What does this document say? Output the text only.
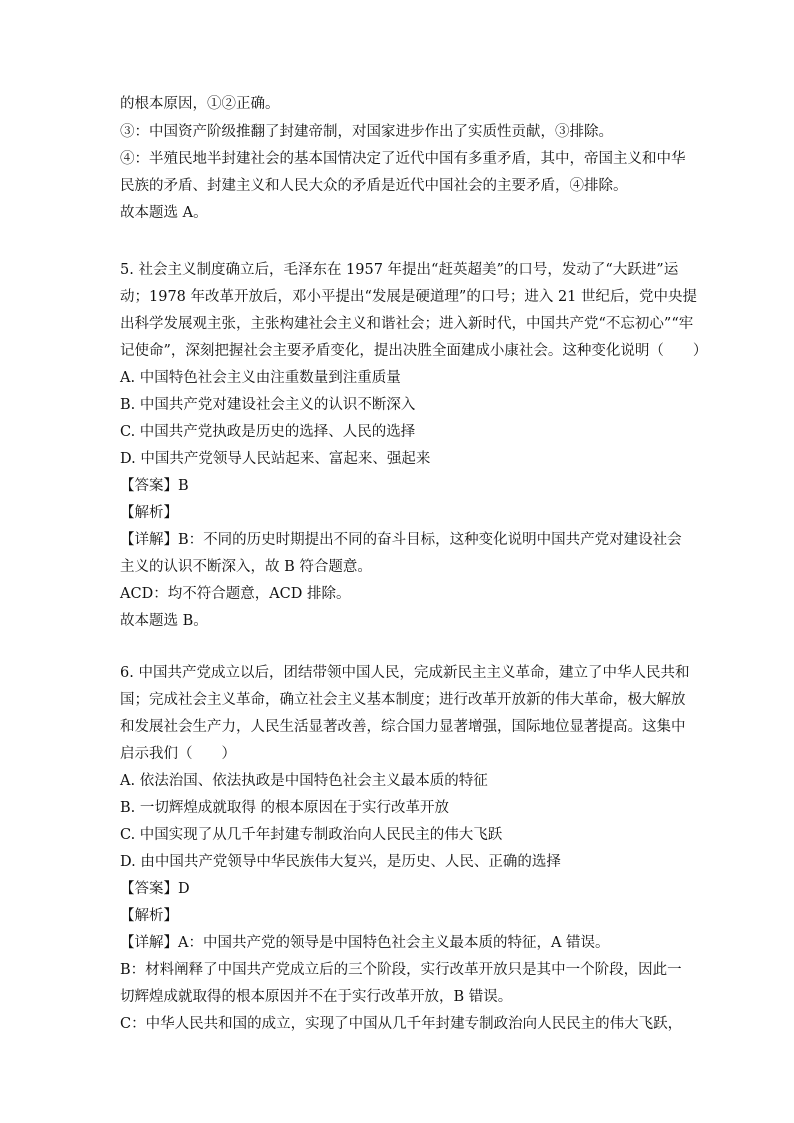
的根本原因，①②正确。
③：中国资产阶级推翻了封建帝制，对国家进步作出了实质性贡献，③排除。
④：半殖民地半封建社会的基本国情决定了近代中国有多重矛盾，其中，帝国主义和中华
民族的矛盾、封建主义和人民大众的矛盾是近代中国社会的主要矛盾，④排除。
故本题选 A。
5. 社会主义制度确立后，毛泽东在 1957 年提出“赶英超美”的口号，发动了“大跃进”运
动；1978 年改革开放后，邓小平提出“发展是硬道理”的口号；进入 21 世纪后，党中央提
出科学发展观主张，主张构建社会主义和谐社会；进入新时代，中国共产党“不忘初心”“牢
记使命”，深刻把握社会主要矛盾变化，提出决胜全面建成小康社会。这种变化说明（　　）
A. 中国特色社会主义由注重数量到注重质量
B. 中国共产党对建设社会主义的认识不断深入
C. 中国共产党执政是历史的选择、人民的选择
D. 中国共产党领导人民站起来、富起来、强起来
【答案】B
【解析】
【详解】B：不同的历史时期提出不同的奋斗目标，这种变化说明中国共产党对建设社会
主义的认识不断深入，故 B 符合题意。
ACD：均不符合题意，ACD 排除。
故本题选 B。
6. 中国共产党成立以后，团结带领中国人民，完成新民主主义革命，建立了中华人民共和
国；完成社会主义革命，确立社会主义基本制度；进行改革开放新的伟大革命，极大解放
和发展社会生产力，人民生活显著改善，综合国力显著增强，国际地位显著提高。这集中
启示我们（　　）
A. 依法治国、依法执政是中国特色社会主义最本质的特征
B. 一切辉煌成就取得 的根本原因在于实行改革开放
C. 中国实现了从几千年封建专制政治向人民民主的伟大飞跃
D. 由中国共产党领导中华民族伟大复兴，是历史、人民、正确的选择
【答案】D
【解析】
【详解】A：中国共产党的领导是中国特色社会主义最本质的特征，A 错误。
B：材料阐释了中国共产党成立后的三个阶段，实行改革开放只是其中一个阶段，因此一
切辉煌成就取得的根本原因并不在于实行改革开放，B 错误。
C：中华人民共和国的成立，实现了中国从几千年封建专制政治向人民民主的伟大飞跃，
